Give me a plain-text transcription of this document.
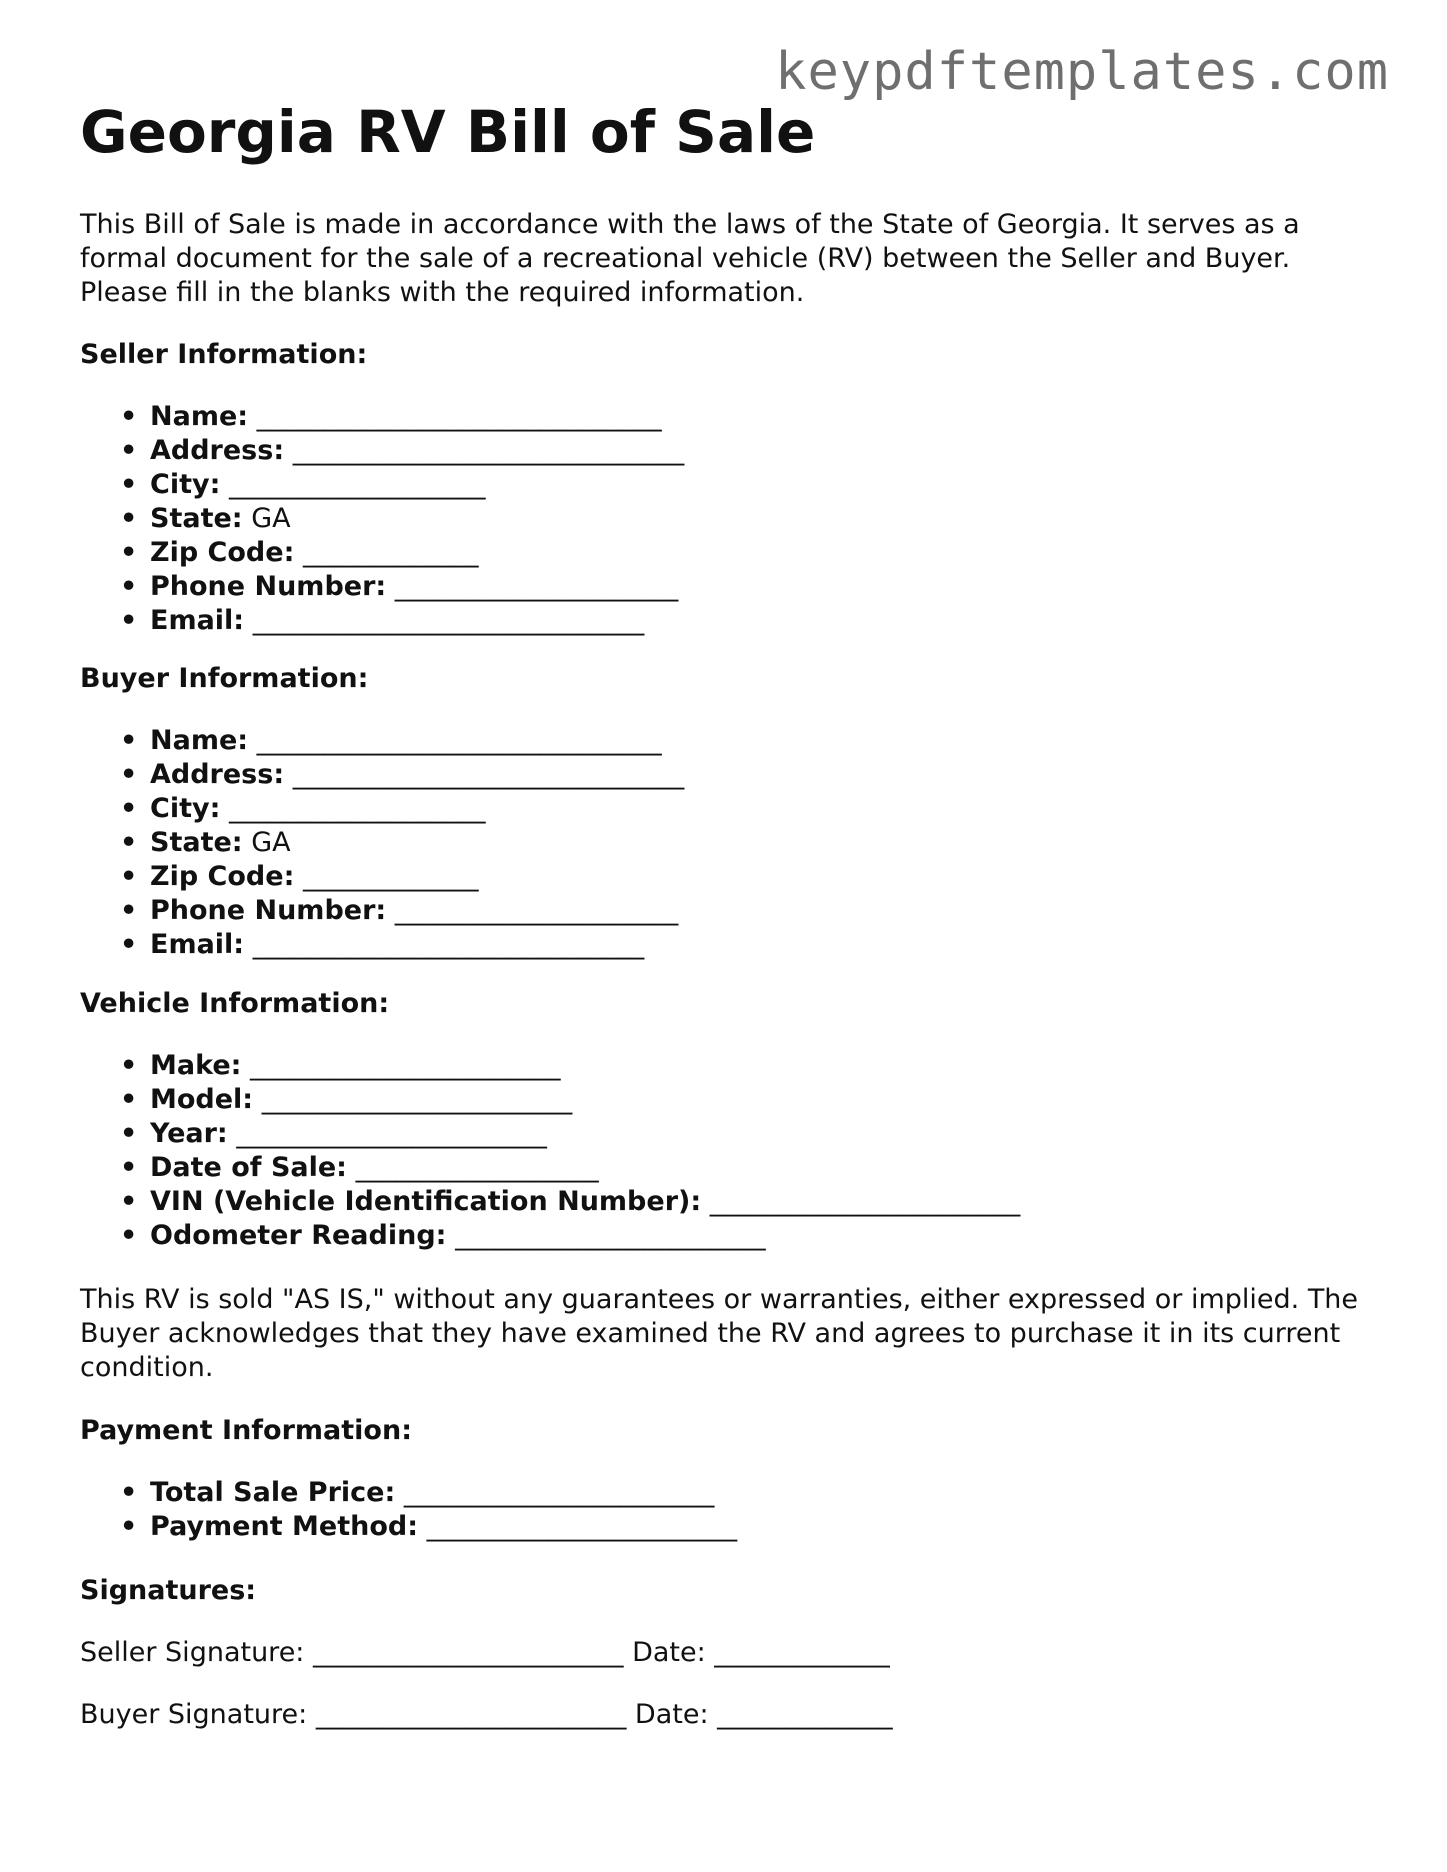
keypdftemplates.com
Georgia RV Bill of Sale

This Bill of Sale is made in accordance with the laws of the State of Georgia. It serves as a formal document for the sale of a recreational vehicle (RV) between the Seller and Buyer. Please fill in the blanks with the required information.

Seller Information:

• Name: ______________________________
• Address: _____________________________
• City: ___________________
• State: GA
• Zip Code: _____________
• Phone Number: _____________________
• Email: _____________________________

Buyer Information:

• Name: ______________________________
• Address: _____________________________
• City: ___________________
• State: GA
• Zip Code: _____________
• Phone Number: _____________________
• Email: _____________________________

Vehicle Information:

• Make: _______________________
• Model: _______________________
• Year: _______________________
• Date of Sale: __________________
• VIN (Vehicle Identification Number): _______________________
• Odometer Reading: _______________________

This RV is sold "AS IS," without any guarantees or warranties, either expressed or implied. The Buyer acknowledges that they have examined the RV and agrees to purchase it in its current condition.

Payment Information:

• Total Sale Price: _______________________
• Payment Method: _______________________

Signatures:

Seller Signature: _______________________ Date: _____________

Buyer Signature: _______________________ Date: _____________
